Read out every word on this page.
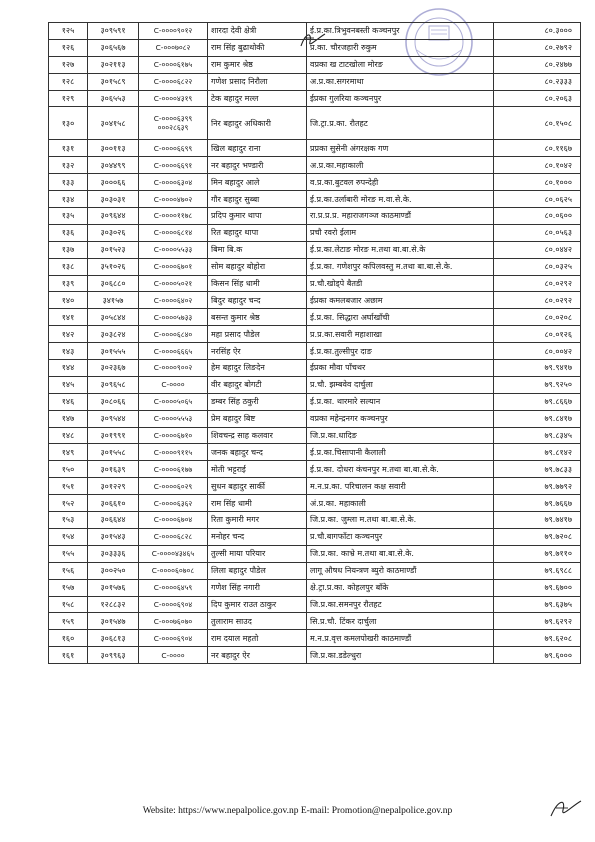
१२५	३०९५९१	C-००००९०१२	शारदा देवी क्षेत्री	ई.प्र.का.त्रिभुवनबस्ती कञ्चनपुर	८०.३०००
१२६	३०६५६७	C-०००७०८२	राम सिंह बुढाथोकी	प्र.का. चौरजहारी रुकुम	८०.२७९२
१२७	३०२११३	C-००००६१७५	राम कुमार श्रेष्ठ	वप्रका ख टाटखोला मोरङ	८०.२४७७
१२८	३०१५८९	C-००००६८२२	गणेश प्रसाद निरौला	अ.प्र.का.सगरमाथा	८०.२३३३
१२९	३०६५५३	C-००००४३१९	टेक बहादुर मल्ल	ईप्रका गुलरिया कञ्चनपुर	८०.२०६३
१३०	३०४१५८	C-००००६३९९ ०००२८६३९	निर बहादुर अधिकारी	जि.ट्रा.प्र.का. रौतहट	८०.१५०८
१३१	३००११३	C-००००६६९९	खिल बहादुर राना	प्रप्रका सुसेनी अंगरक्षक गण	८०.११६७
१३२	३०४४९९	C-००००६६९१	नर बहादुर भण्डारी	अ.प्र.का.महाकाली	८०.१०४२
१३३	३०००६६	C-००००६३०४	मिन बहादुर आले	व.प्र.का.बुटवल रुपन्देही	८०.१०००
१३४	३०३०३१	C-००००४७०२	गौर बहादुर सुब्बा	ई.प्र.का.उर्लाबारी मोरङ म.वा.से.के.	८०.०६२५
१३५	३०९६४४	C-००००११७८	प्रदिप कुमार थापा	रा.प्र.प्र.प्र. महाराजगञ्ज काठमाण्डौं	८०.०६००
१३६	३०३०२६	C-००००६८१४	रित बहादुर थापा	प्रचौ रवरो ईलाम	८०.०५६३
१३७	३०१५२३	C-००००५५३३	बिमा बि.क	ई.प्र.का.लेटाङ मोरङ म.तथा बा.बा.से.के	८०.०४४२
१३८	३५१०२६	C-००००६७०१	सोम बहादुर बोहोरा	ई.प्र.का. गणेशपुर कपिलवस्तु म.तथा बा.बा.से.के.	८०.०३२५
१३९	३०६८८०	C-००००५०२१	किसन सिंह धामी	प्र.चौ.खोड्पे बैतडी	८०.०२९२
१४०	३४१५७	C-००००६४०२	बिदुर बहादुर चन्द	ईप्रका कमलबजार अछाम	८०.०२९२
१४१	३०५८४४	C-००००५७३३	बसन्त कुमार श्रेष्ठ	ई.प्र.का. सिद्धारा अर्घाखाँची	८०.०२०८
१४२	३०३८२४	C-००००६८४०	महा प्रसाद पौडेल	प्र.प्र.का.सवारी महाशाखा	८०.०१२६
१४३	३०१५५५	C-००००६६६५	नरसिंह ऐर	ई.प्र.का.तुल्सीपुर दाङ	८०.००४२
१४४	३०२३६७	C-००००९००२	हेम बहादुर लिङदेन	ईप्रका मौवा पाँचथर	७९.९४१७
१४५	३०९६५८	C-००००	वीर बहादुर बोगटी	प्र.चौ. झम्बवेव दार्चुला	७९.९२५०
१४६	३०८०६६	C-००००५०६५	डम्बर सिंह ठकुरी	ई.प्र.का. थारमारे सल्यान	७९.८६६७
१४७	३०९५४४	C-००००५५५३	प्रेम बहादुर बिष्ट	वप्रका महेन्द्रनगर कञ्चनपुर	७९.८४१७
१४८	३०१९९१	C-००००६७१०	शिवचन्द्र साह कलवार	जि.प्र.का.धादिङ	७९.८३४५
१४९	३०१५५८	C-००००९११५	जनक बहादुर चन्द	ई.प्र.का.चिसापानी कैलाली	७९.८१४२
१५०	३०१६३९	C-००००६१७७	मोती भट्टराई	ई.प्र.का. दोधरा कंचनपुर म.तथा बा.बा.से.के.	७९.७८३३
१५१	३०१२२९	C-००००६०२९	सुधन बहादुर सार्की	म.न.प्र.का. परिचालन कक्ष सवारी	७९.७७९२
१५२	३०६६१०	C-००००६३६२	राम सिंह धामी	अं.प्र.का. महाकाली	७९.७६६७
१५३	३०६६४४	C-००००६७०४	रिता कुमारी मगर	जि.प्र.का. जुम्ला म.तथा बा.बा.से.के.	७९.७४१७
१५४	३०१५४३	C-००००६८२८	मनोहर चन्द	प्र.चौ.बागफाँटा कञ्चनपुर	७९.७२०८
१५५	३०३३३६	C-००००४३४६५	तुल्सी माया परियार	जि.प्र.का. काभ्रे म.तथा बा.बा.से.के.	७९.७११०
१५६	३००२५०	C-००००६०७०८	लिला बहादुर पौडेल	लागू औषध नियन्त्रण ब्युरो काठमाण्डौं	७९.६९८८
१५७	३०१५७६	C-००००६४५९	गणेश सिंह नगारी	क्षे.ट्रा.प्र.का. कोहलपुर बाँके	७९.६७००
१५८	१२८८३२	C-००००६९०४	दिप कुमार राउत ठाकुर	जि.प्र.का.समनपुर रौतहट	७९.६३७५
१५९	३०१५४७	C-०००७६०७०	तुलाराम साउद	सि.प्र.चौ. टिंकर दार्चुला	७९.६२९२
१६०	३०६८१३	C-००००६९०४	राम दयाल महतो	म.न.प्र.वृत्त कमलपोखरी काठमाण्डौं	७९.६२०८
१६१	३०९९६३	C-००००	नर बहादुर ऐर	जि.प्र.का.डडेल्धुरा	७९.६०००
Website: https://www.nepalpolice.gov.np E-mail: Promotion@nepalpolice.gov.np
